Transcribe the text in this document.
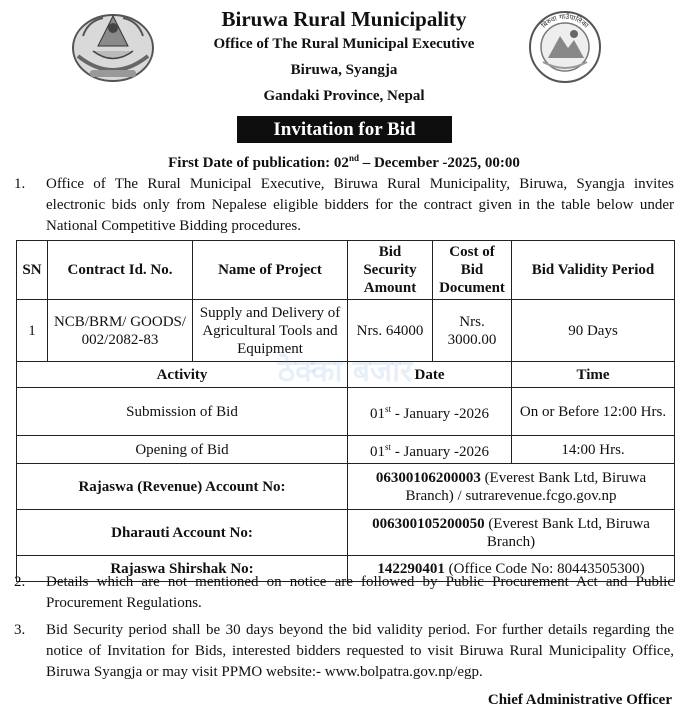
बिरुवा गाउँपालिका
Biruwa Rural Municipality
Office of The Rural Municipal Executive
Biruwa, Syangja
Gandaki Province, Nepal
Invitation for Bid
First Date of publication: 02nd – December -2025, 00:00
1. Office of The Rural Municipal Executive, Biruwa Rural Municipality, Biruwa, Syangja invites electronic bids only from Nepalese eligible bidders for the contract given in the table below under National Competitive Bidding procedures.
SN	Contract Id. No.	Name of Project	Bid Security Amount	Cost of Bid Document	Bid Validity Period
1	NCB/BRM/ GOODS/ 002/2082-83	Supply and Delivery of Agricultural Tools and Equipment	Nrs. 64000	Nrs. 3000.00	90 Days
Activity			Date		Time
Submission of Bid			01st - January -2026		On or Before 12:00 Hrs.
Opening of Bid			01st - January -2026		14:00 Hrs.
Rajaswa (Revenue) Account No:			06300106200003 (Everest Bank Ltd, Biruwa Branch) / sutrarevenue.fcgo.gov.np		
Dharauti Account No:			006300105200050 (Everest Bank Ltd, Biruwa Branch)		
Rajaswa Shirshak No:			142290401 (Office Code No: 80443505300)		
ठेक्का बजार
2. Details which are not mentioned on notice are followed by Public Procurement Act and Public Procurement Regulations.
3. Bid Security period shall be 30 days beyond the bid validity period. For further details regarding the notice of Invitation for Bids, interested bidders requested to visit Biruwa Rural Municipality Office, Biruwa Syangja or may visit PPMO website:- www.bolpatra.gov.np/egp.
Chief Administrative Officer
